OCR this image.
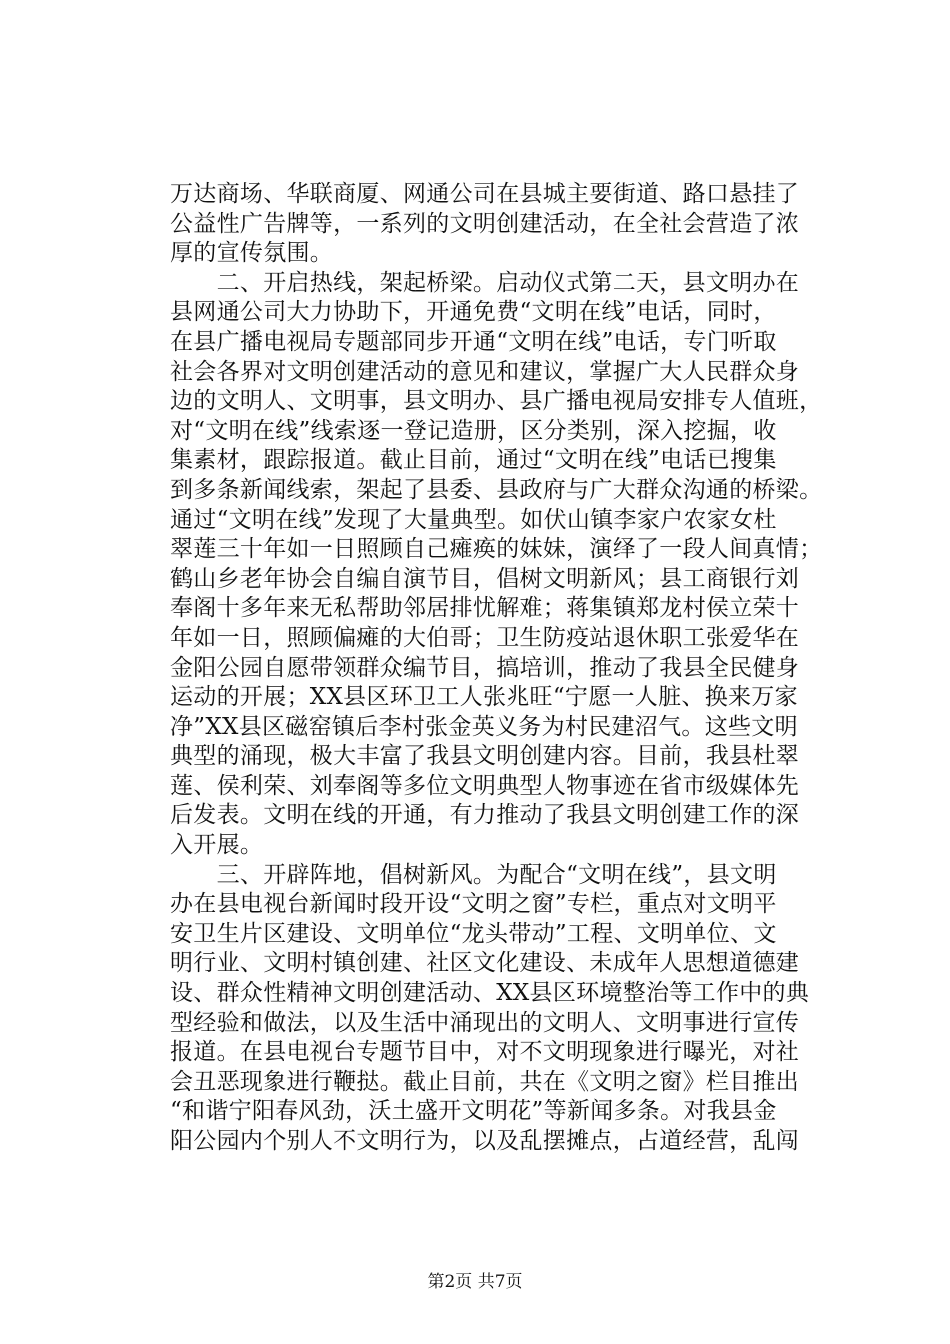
万达商场、华联商厦、网通公司在县城主要街道、路口悬挂了
公益性广告牌等，一系列的文明创建活动，在全社会营造了浓
厚的宣传氛围。
　　二、开启热线，架起桥梁。启动仪式第二天，县文明办在
县网通公司大力协助下，开通免费“文明在线”电话，同时，
在县广播电视局专题部同步开通“文明在线”电话，专门听取
社会各界对文明创建活动的意见和建议，掌握广大人民群众身
边的文明人、文明事，县文明办、县广播电视局安排专人值班，
对“文明在线”线索逐一登记造册，区分类别，深入挖掘，收
集素材，跟踪报道。截止目前，通过“文明在线”电话已搜集
到多条新闻线索，架起了县委、县政府与广大群众沟通的桥梁。
通过“文明在线”发现了大量典型。如伏山镇李家户农家女杜
翠莲三十年如一日照顾自己瘫痪的妹妹，演绎了一段人间真情；
鹤山乡老年协会自编自演节目，倡树文明新风；县工商银行刘
奉阁十多年来无私帮助邻居排忧解难；蒋集镇郑龙村侯立荣十
年如一日，照顾偏瘫的大伯哥；卫生防疫站退休职工张爱华在
金阳公园自愿带领群众编节目，搞培训，推动了我县全民健身
运动的开展；XX县区环卫工人张兆旺“宁愿一人脏、换来万家
净”XX县区磁窑镇后李村张金英义务为村民建沼气。这些文明
典型的涌现，极大丰富了我县文明创建内容。目前，我县杜翠
莲、侯利荣、刘奉阁等多位文明典型人物事迹在省市级媒体先
后发表。文明在线的开通，有力推动了我县文明创建工作的深
入开展。
　　三、开辟阵地，倡树新风。为配合“文明在线”，县文明
办在县电视台新闻时段开设“文明之窗”专栏，重点对文明平
安卫生片区建设、文明单位“龙头带动”工程、文明单位、文
明行业、文明村镇创建、社区文化建设、未成年人思想道德建
设、群众性精神文明创建活动、XX县区环境整治等工作中的典
型经验和做法，以及生活中涌现出的文明人、文明事进行宣传
报道。在县电视台专题节目中，对不文明现象进行曝光，对社
会丑恶现象进行鞭挞。截止目前，共在《文明之窗》栏目推出
“和谐宁阳春风劲，沃土盛开文明花”等新闻多条。对我县金
阳公园内个别人不文明行为，以及乱摆摊点，占道经营，乱闯
第2页 共7页
